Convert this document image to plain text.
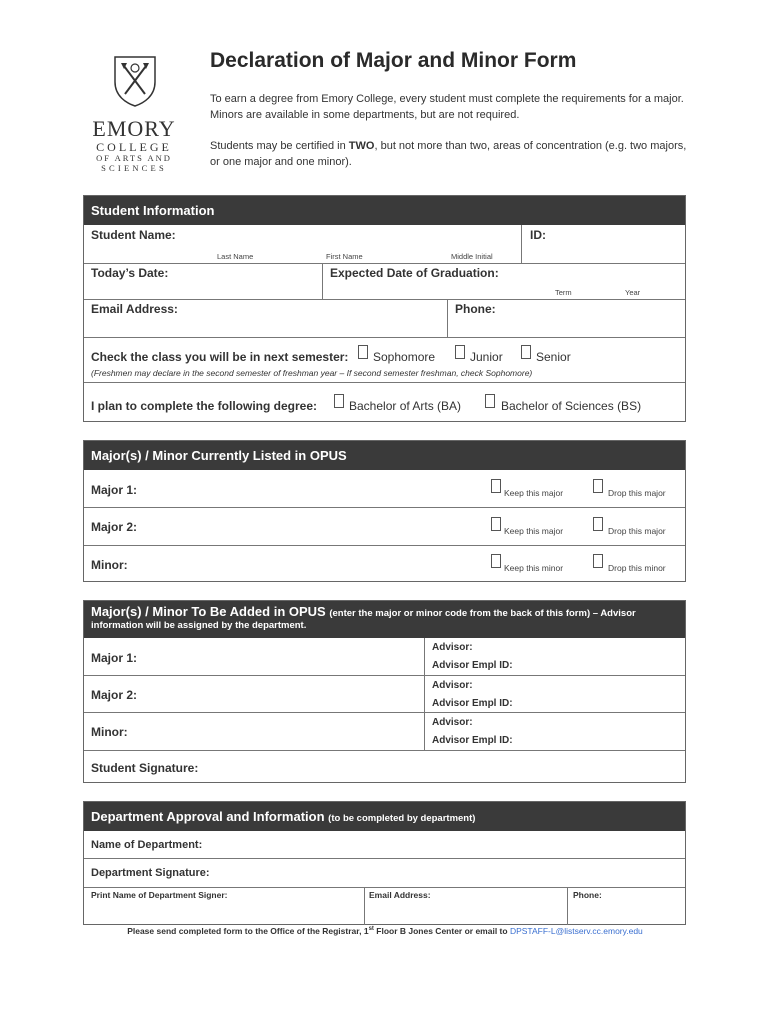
EMORY
COLLEGE
OF ARTS AND
SCIENCES
Declaration of Major and Minor Form
To earn a degree from Emory College, every student must complete the requirements for a major. Minors are available in some departments, but are not required.
Students may be certified in TWO, but not more than two, areas of concentration (e.g. two majors, or one major and one minor).
Student Information
Student Name:	ID:
Last Name	First Name	Middle Initial
Today’s Date:	Expected Date of Graduation:
Term	Year
Email Address:	Phone:
Check the class you will be in next semester: Sophomore	Junior	Senior
(Freshmen may declare in the second semester of freshman year – If second semester freshman, check Sophomore)
I plan to complete the following degree:	Bachelor of Arts (BA)	Bachelor of Sciences (BS)
Major(s) / Minor Currently Listed in OPUS
Major 1:	Keep this major	Drop this major
Major 2:	Keep this major	Drop this major
Minor:	Keep this minor	Drop this minor
Major(s) / Minor To Be Added in OPUS (enter the major or minor code from the back of this form) – Advisor
information will be assigned by the department.
Major 1:
Advisor:
Advisor Empl ID:
Major 2:
Advisor:
Advisor Empl ID:
Minor:
Advisor:
Advisor Empl ID:
Student Signature:
Department Approval and Information (to be completed by department)
Name of Department:
Department Signature:
Print Name of Department Signer:	Email Address:	Phone:
Please send completed form to the Office of the Registrar, 1st Floor B Jones Center or email to DPSTAFF-L@listserv.cc.emory.edu
